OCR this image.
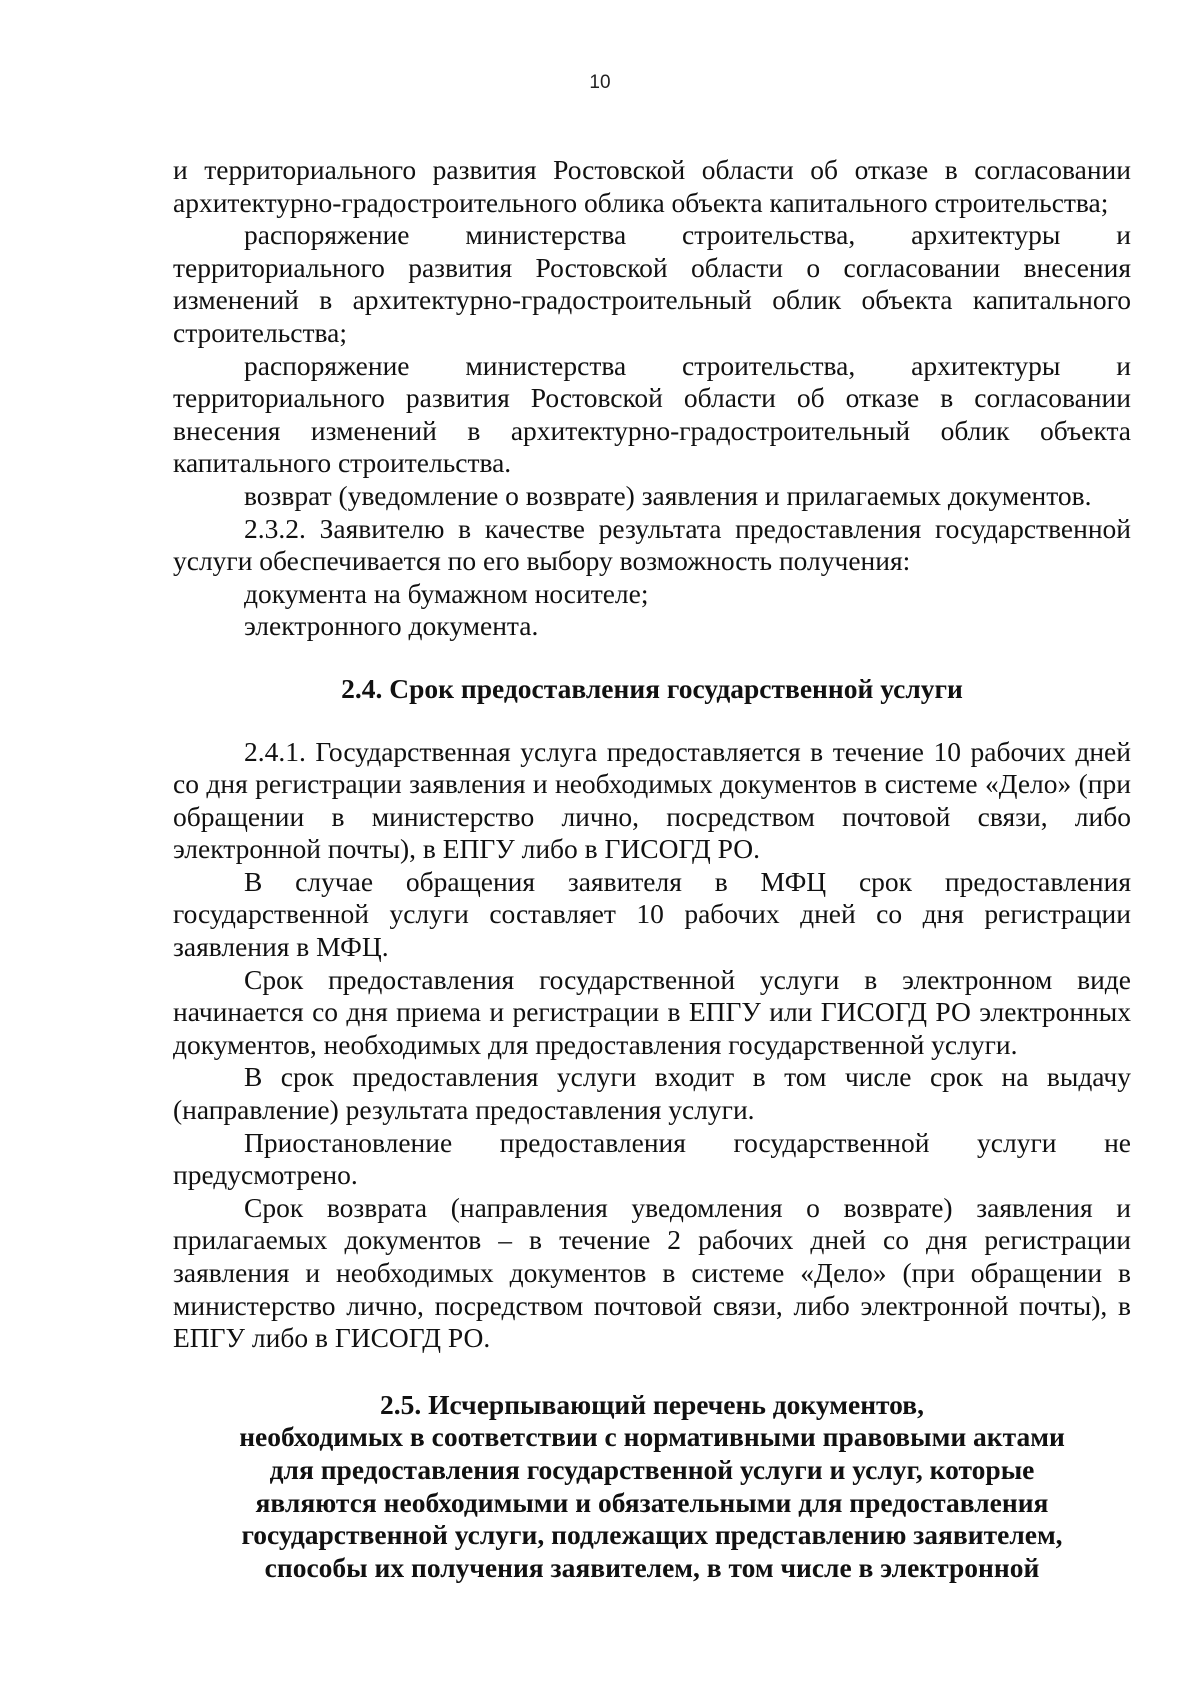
10

и территориального развития Ростовской области об отказе в согласовании архитектурно-градостроительного облика объекта капитального строительства;

распоряжение министерства строительства, архитектуры и территориального развития Ростовской области о согласовании внесения изменений в архитектурно-градостроительный облик объекта капитального строительства;

распоряжение министерства строительства, архитектуры и территориального развития Ростовской области об отказе в согласовании внесения изменений в архитектурно-градостроительный облик объекта капитального строительства.

возврат (уведомление о возврате) заявления и прилагаемых документов.

2.3.2. Заявителю в качестве результата предоставления государственной услуги обеспечивается по его выбору возможность получения:

документа на бумажном носителе;

электронного документа.

2.4. Срок предоставления государственной услуги

2.4.1. Государственная услуга предоставляется в течение 10 рабочих дней со дня регистрации заявления и необходимых документов в системе «Дело» (при обращении в министерство лично, посредством почтовой связи, либо электронной почты), в ЕПГУ либо в ГИСОГД РО.

В случае обращения заявителя в МФЦ срок предоставления государственной услуги составляет 10 рабочих дней со дня регистрации заявления в МФЦ.

Срок предоставления государственной услуги в электронном виде начинается со дня приема и регистрации в ЕПГУ или ГИСОГД РО электронных документов, необходимых для предоставления государственной услуги.

В срок предоставления услуги входит в том числе срок на выдачу (направление) результата предоставления услуги.

Приостановление предоставления государственной услуги не предусмотрено.

Срок возврата (направления уведомления о возврате) заявления и прилагаемых документов – в течение 2 рабочих дней со дня регистрации заявления и необходимых документов в системе «Дело» (при обращении в министерство лично, посредством почтовой связи, либо электронной почты), в ЕПГУ либо в ГИСОГД РО.

2.5. Исчерпывающий перечень документов,
необходимых в соответствии с нормативными правовыми актами
для предоставления государственной услуги и услуг, которые
являются необходимыми и обязательными для предоставления
государственной услуги, подлежащих представлению заявителем,
способы их получения заявителем, в том числе в электронной
